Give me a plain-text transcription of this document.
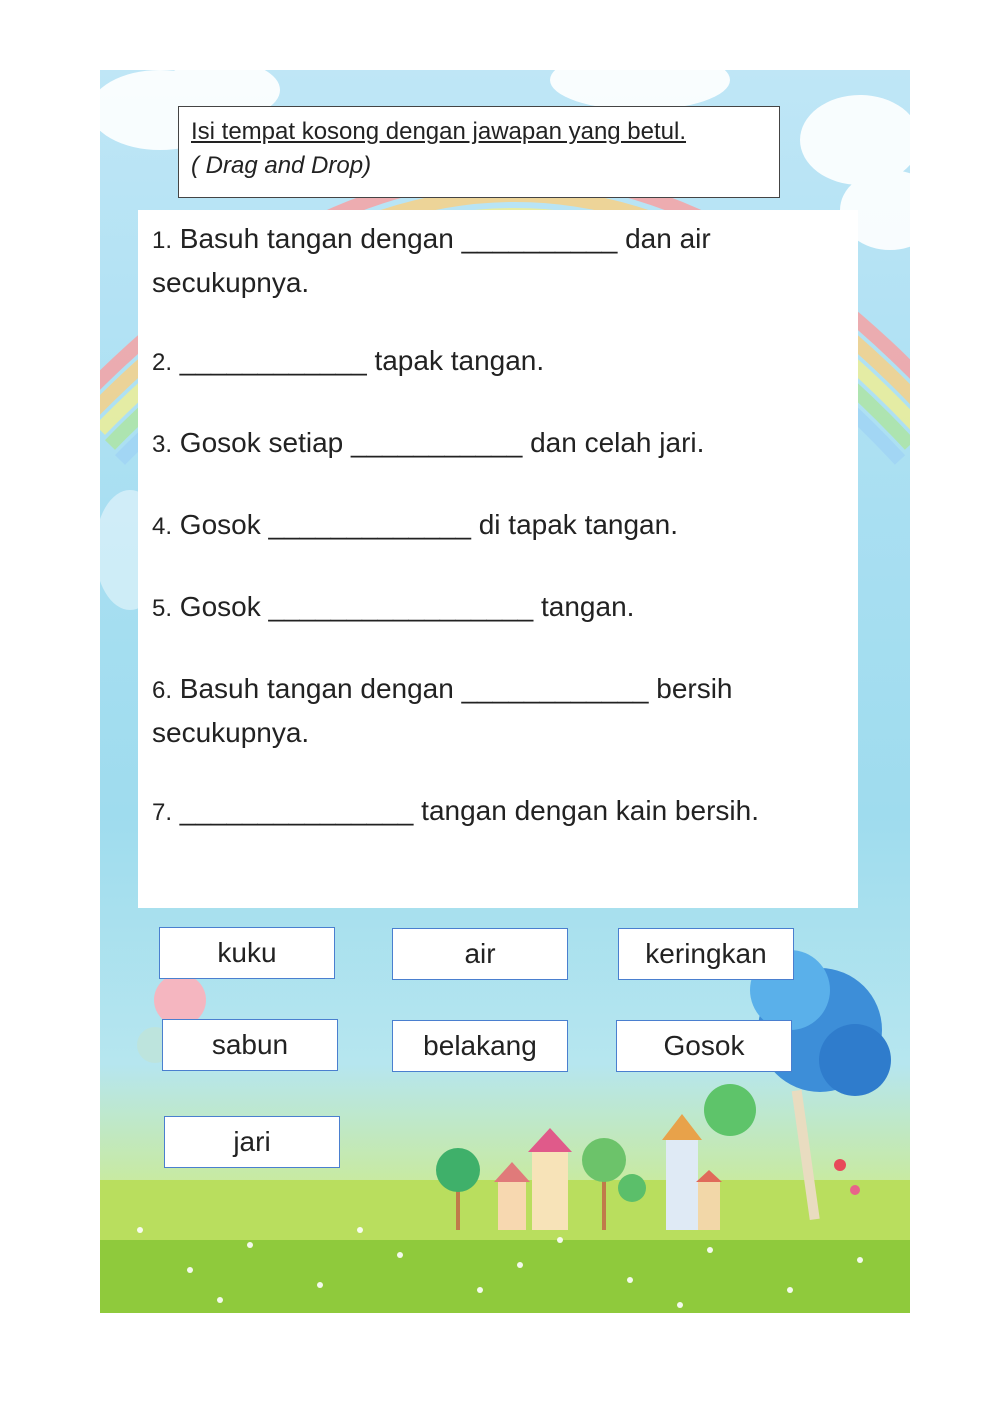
Isi tempat kosong dengan jawapan yang betul.
( Drag and Drop)
1. Basuh tangan dengan __________ dan air
secukupnya.
2. ____________ tapak tangan.
3. Gosok setiap ___________ dan celah jari.
4. Gosok _____________ di tapak tangan.
5. Gosok _________________ tangan.
6. Basuh tangan dengan ____________ bersih
secukupnya.
7. _______________ tangan dengan kain bersih.
kuku	air	keringkan
sabun	belakang	Gosok
jari
